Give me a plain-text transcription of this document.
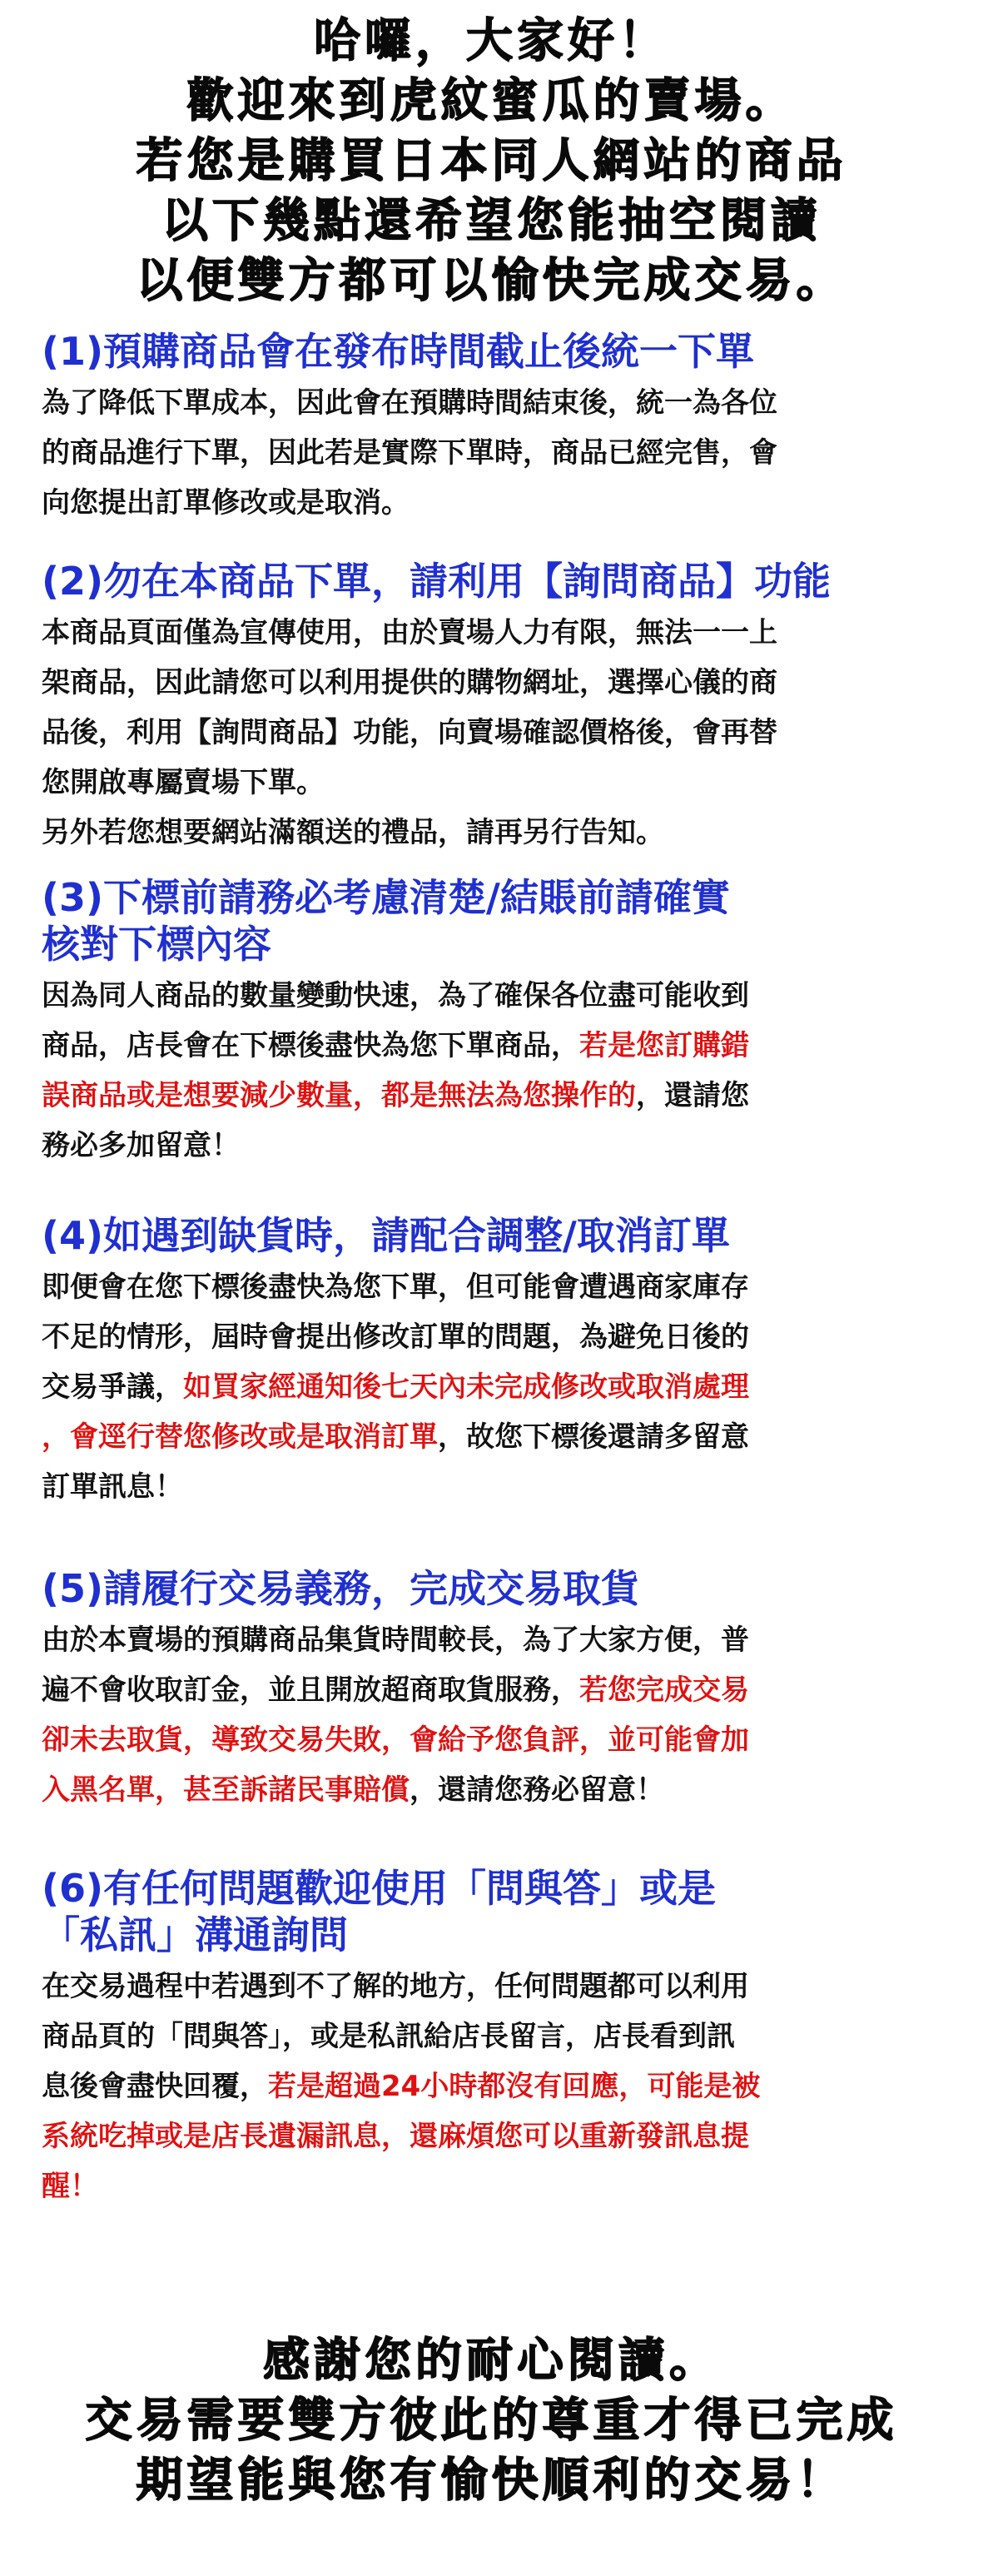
哈囉，大家好！
歡迎來到虎紋蜜瓜的賣場。
若您是購買日本同人網站的商品
以下幾點還希望您能抽空閱讀
以便雙方都可以愉快完成交易。
(1)預購商品會在發布時間截止後統一下單
為了降低下單成本，因此會在預購時間結束後，統一為各位
的商品進行下單，因此若是實際下單時，商品已經完售，會
向您提出訂單修改或是取消。
(2)勿在本商品下單，請利用【詢問商品】功能
本商品頁面僅為宣傳使用，由於賣場人力有限，無法一一上
架商品，因此請您可以利用提供的購物網址，選擇心儀的商
品後，利用【詢問商品】功能，向賣場確認價格後，會再替
您開啟專屬賣場下單。
另外若您想要網站滿額送的禮品，請再另行告知。
(3)下標前請務必考慮清楚/結賬前請確實
核對下標內容
因為同人商品的數量變動快速，為了確保各位盡可能收到
商品，店長會在下標後盡快為您下單商品，若是您訂購錯
誤商品或是想要減少數量，都是無法為您操作的，還請您
務必多加留意！
(4)如遇到缺貨時，請配合調整/取消訂單
即便會在您下標後盡快為您下單，但可能會遭遇商家庫存
不足的情形，屆時會提出修改訂單的問題，為避免日後的
交易爭議，如買家經通知後七天內未完成修改或取消處理
，會逕行替您修改或是取消訂單，故您下標後還請多留意
訂單訊息！
(5)請履行交易義務，完成交易取貨
由於本賣場的預購商品集貨時間較長，為了大家方便，普
遍不會收取訂金，並且開放超商取貨服務，若您完成交易
卻未去取貨，導致交易失敗，會給予您負評，並可能會加
入黑名單，甚至訴諸民事賠償，還請您務必留意！
(6)有任何問題歡迎使用「問與答」或是
「私訊」溝通詢問
在交易過程中若遇到不了解的地方，任何問題都可以利用
商品頁的「問與答」，或是私訊給店長留言，店長看到訊
息後會盡快回覆，若是超過24小時都沒有回應，可能是被
系統吃掉或是店長遺漏訊息，還麻煩您可以重新發訊息提
醒！
感謝您的耐心閱讀。
交易需要雙方彼此的尊重才得已完成
期望能與您有愉快順利的交易！
